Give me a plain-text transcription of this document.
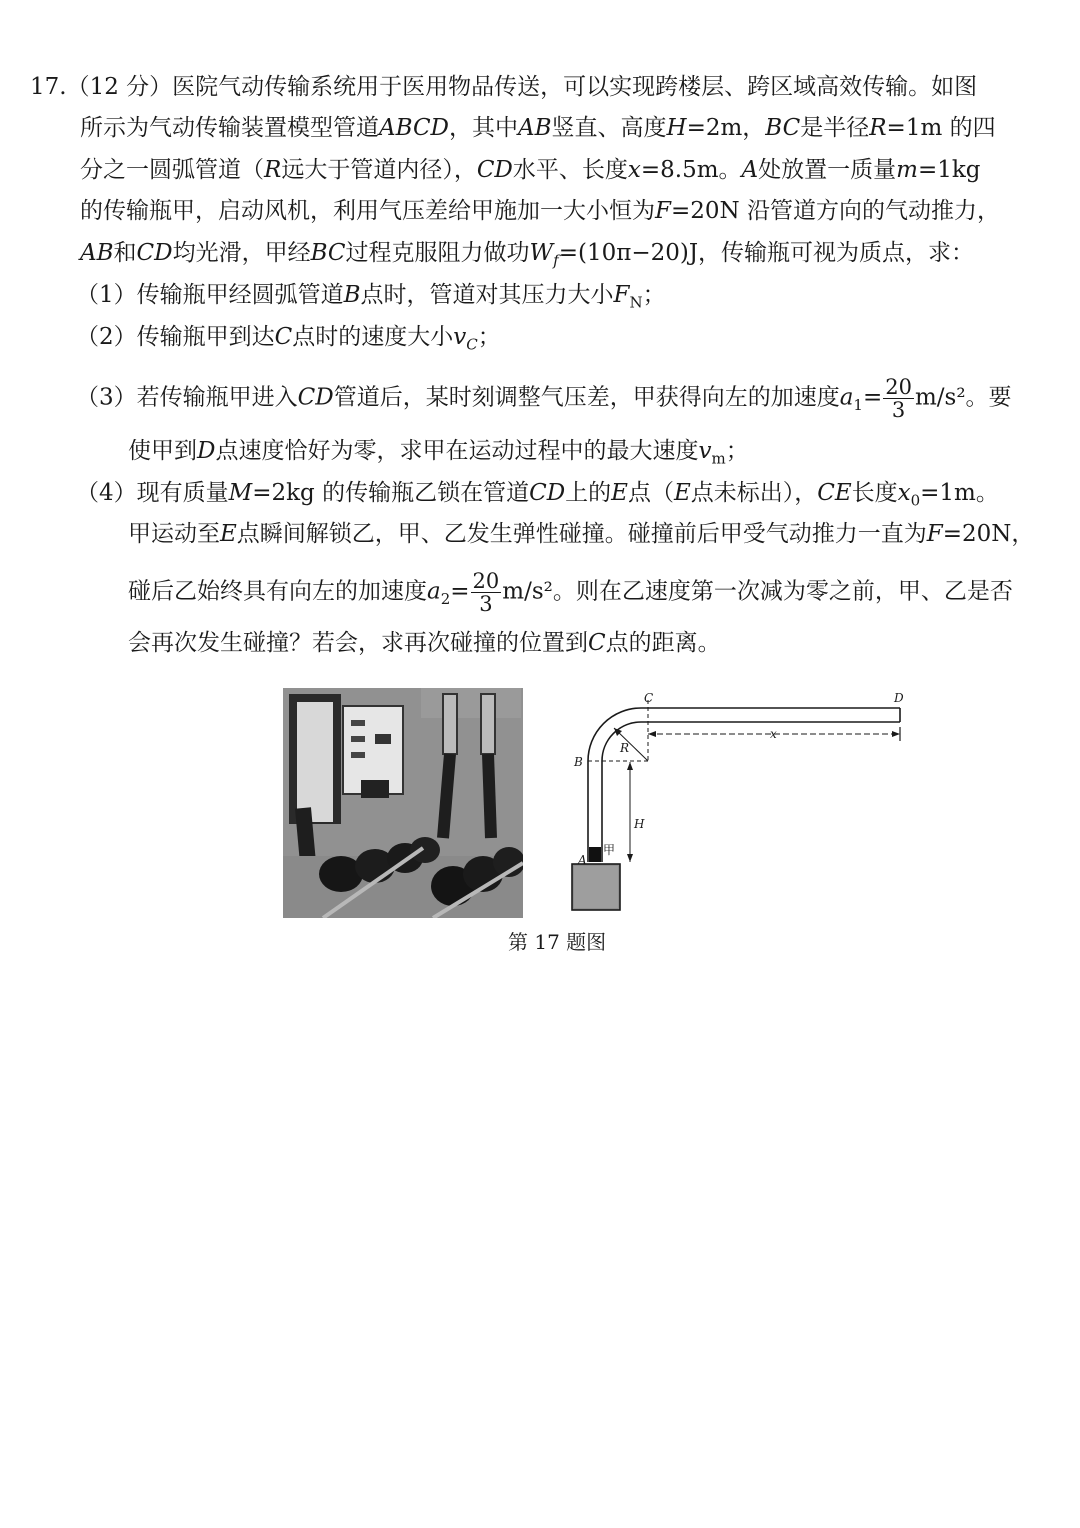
17.（12 分）医院气动传输系统用于医用物品传送，可以实现跨楼层、跨区域高效传输。如图
所示为气动传输装置模型管道ABCD，其中AB竖直、高度H=2m，BC是半径R=1m 的四
分之一圆弧管道（R远大于管道内径），CD水平、长度x=8.5m。A处放置一质量m=1kg
的传输瓶甲，启动风机，利用气压差给甲施加一大小恒为F=20N 沿管道方向的气动推力，
AB和CD均光滑，甲经BC过程克服阻力做功$W_f=(10\pi-20)J$，传输瓶可视为质点，求：
（1）传输瓶甲经圆弧管道B点时，管道对其压力大小$F_N$；
（2）传输瓶甲到达C点时的速度大小$v_C$；
（3）若传输瓶甲进入CD管道后，某时刻调整气压差，甲获得向左的加速度$a_1= \frac{20}{3} m/s^2$。要
使甲到D点速度恰好为零，求甲在运动过程中的最大速度$v_m$；
（4）现有质量M=2kg 的传输瓶乙锁在管道CD上的E点（E点未标出），CE长度$x_0=1m$。
甲运动至E点瞬间解锁乙，甲、乙发生弹性碰撞。碰撞前后甲受气动推力一直为F=20N，
碰后乙始终具有向左的加速度$a_2= \frac{20}{3} m/s^2$。则在乙速度第一次减为零之前，甲、乙是否
会再次发生碰撞？若会，求再次碰撞的位置到C点的距离。
C	D
B
R
x
H
A
甲
第 17 题图
